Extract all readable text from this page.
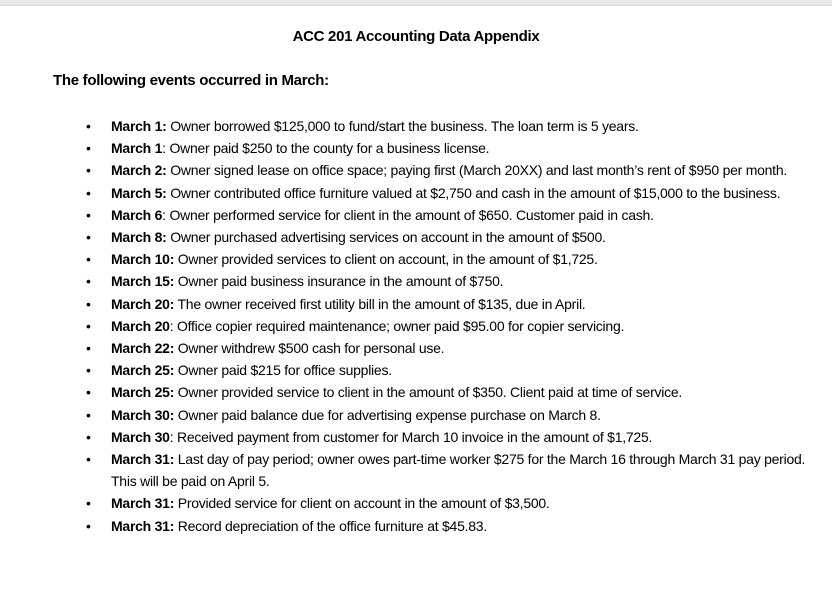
ACC 201 Accounting Data Appendix
The following events occurred in March:
• March 1: Owner borrowed $125,000 to fund/start the business. The loan term is 5 years.
• March 1: Owner paid $250 to the county for a business license.
• March 2: Owner signed lease on office space; paying first (March 20XX) and last month’s rent of $950 per month.
• March 5: Owner contributed office furniture valued at $2,750 and cash in the amount of $15,000 to the business.
• March 6: Owner performed service for client in the amount of $650. Customer paid in cash.
• March 8: Owner purchased advertising services on account in the amount of $500.
• March 10: Owner provided services to client on account, in the amount of $1,725.
• March 15: Owner paid business insurance in the amount of $750.
• March 20: The owner received first utility bill in the amount of $135, due in April.
• March 20: Office copier required maintenance; owner paid $95.00 for copier servicing.
• March 22: Owner withdrew $500 cash for personal use.
• March 25: Owner paid $215 for office supplies.
• March 25: Owner provided service to client in the amount of $350. Client paid at time of service.
• March 30: Owner paid balance due for advertising expense purchase on March 8.
• March 30: Received payment from customer for March 10 invoice in the amount of $1,725.
• March 31: Last day of pay period; owner owes part-time worker $275 for the March 16 through March 31 pay period. This will be paid on April 5.
• March 31: Provided service for client on account in the amount of $3,500.
• March 31: Record depreciation of the office furniture at $45.83.
